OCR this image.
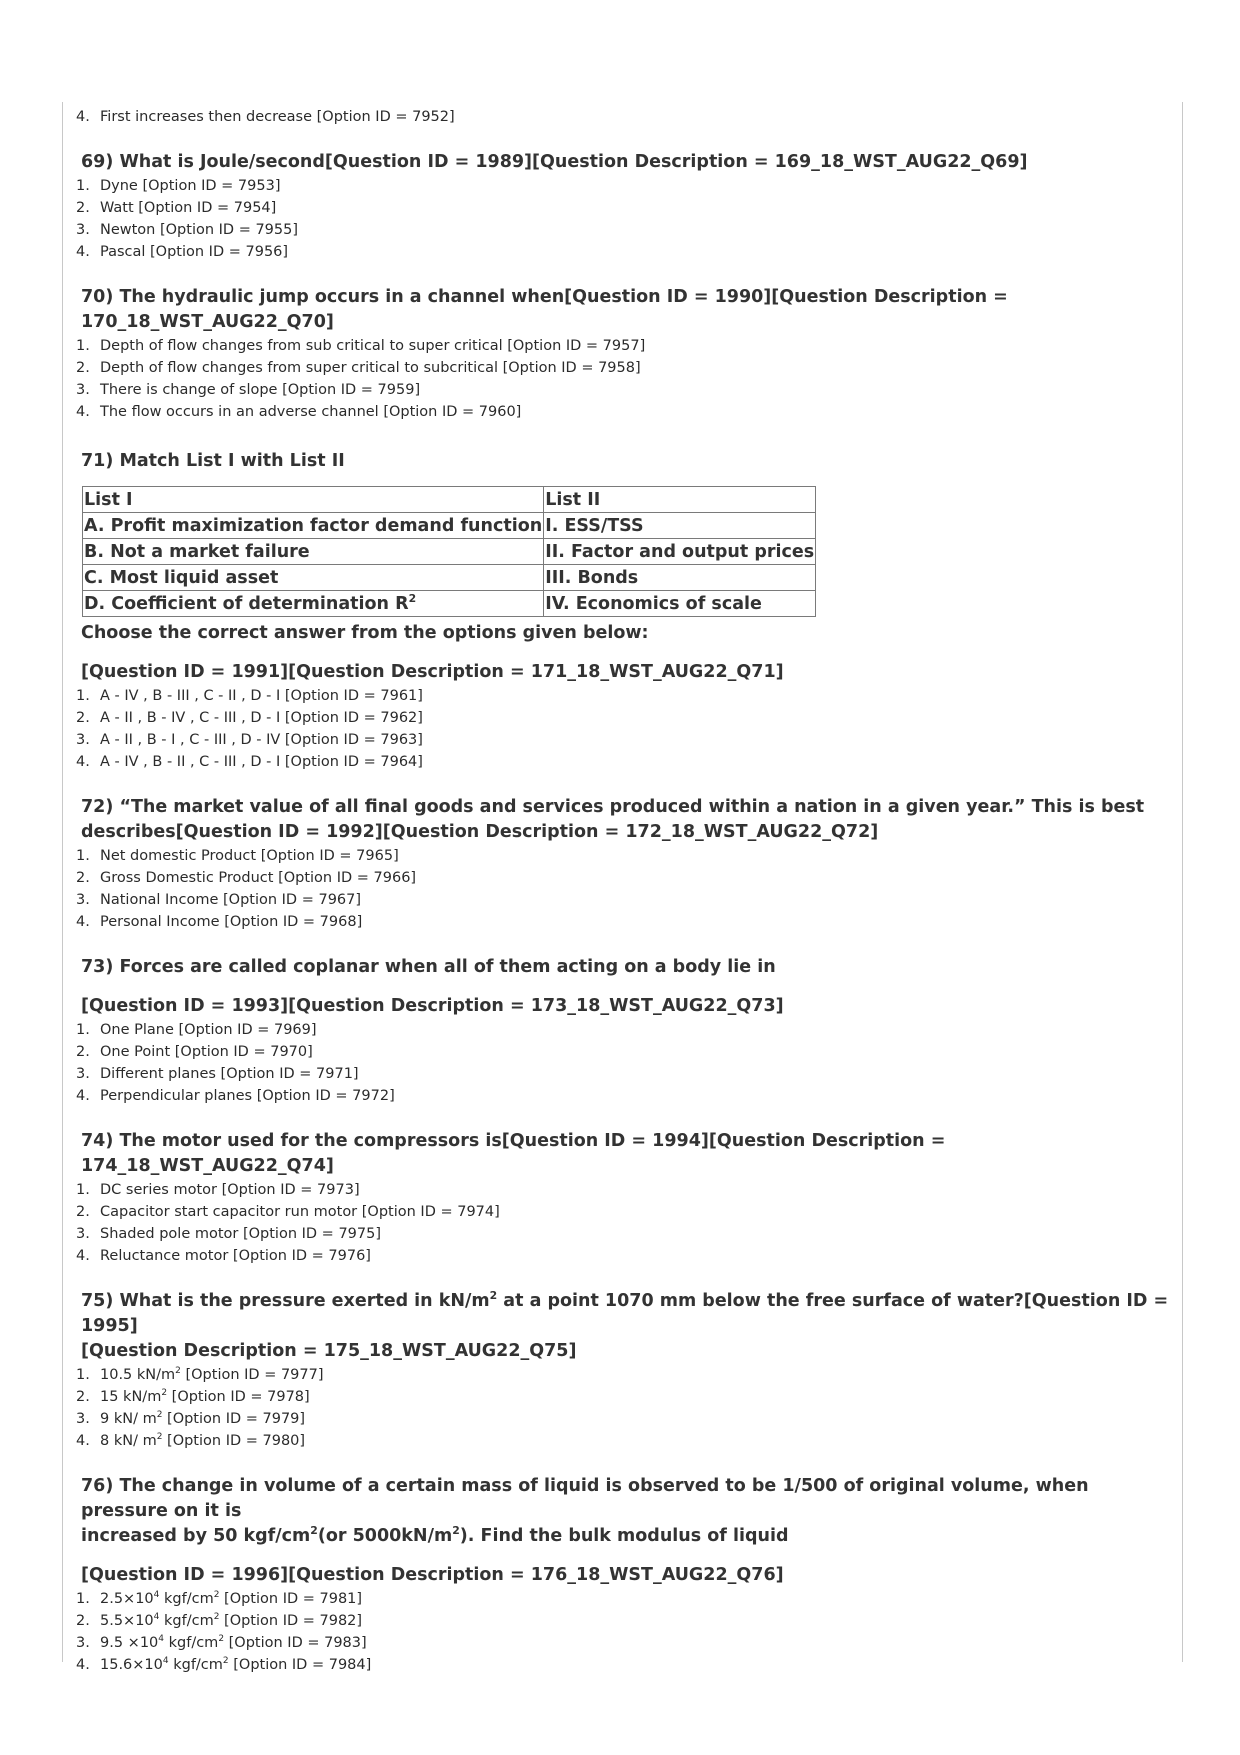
4. First increases then decrease [Option ID = 7952]

69) What is Joule/second[Question ID = 1989][Question Description = 169_18_WST_AUG22_Q69]

1. Dyne [Option ID = 7953]

2. Watt [Option ID = 7954]

3. Newton [Option ID = 7955]

4. Pascal [Option ID = 7956]

70) The hydraulic jump occurs in a channel when[Question ID = 1990][Question Description = 170_18_WST_AUG22_Q70]

1. Depth of flow changes from sub critical to super critical [Option ID = 7957]

2. Depth of flow changes from super critical to subcritical [Option ID = 7958]

3. There is change of slope [Option ID = 7959]

4. The flow occurs in an adverse channel [Option ID = 7960]

71) Match List I with List II

List I	List II
A. Profit maximization factor demand function	I. ESS/TSS
B. Not a market failure	II. Factor and output prices
C. Most liquid asset	III. Bonds
D. Coefficient of determination $R^2$	IV. Economics of scale

Choose the correct answer from the options given below:

[Question ID = 1991][Question Description = 171_18_WST_AUG22_Q71]

1. A - IV , B - III , C - II , D - I [Option ID = 7961]

2. A - II , B - IV , C - III , D - I [Option ID = 7962]

3. A - II , B - I , C - III , D - IV [Option ID = 7963]

4. A - IV , B - II , C - III , D - I [Option ID = 7964]

72) “The market value of all final goods and services produced within a nation in a given year.” This is best

describes[Question ID = 1992][Question Description = 172_18_WST_AUG22_Q72]

1. Net domestic Product [Option ID = 7965]

2. Gross Domestic Product [Option ID = 7966]

3. National Income [Option ID = 7967]

4. Personal Income [Option ID = 7968]

73) Forces are called coplanar when all of them acting on a body lie in

[Question ID = 1993][Question Description = 173_18_WST_AUG22_Q73]

1. One Plane [Option ID = 7969]

2. One Point [Option ID = 7970]

3. Different planes [Option ID = 7971]

4. Perpendicular planes [Option ID = 7972]

74) The motor used for the compressors is[Question ID = 1994][Question Description = 174_18_WST_AUG22_Q74]

1. DC series motor [Option ID = 7973]

2. Capacitor start capacitor run motor [Option ID = 7974]

3. Shaded pole motor [Option ID = 7975]

4. Reluctance motor [Option ID = 7976]

75) What is the pressure exerted in $kN/m^2$ at a point 1070 mm below the free surface of water?[Question ID = 1995]

[Question Description = 175_18_WST_AUG22_Q75]

1. 10.5 $kN/m^2$ [Option ID = 7977]

2. 15 $kN/m^2$ [Option ID = 7978]

3. 9 kN/ $m^2$ [Option ID = 7979]

4. 8 kN/ $m^2$ [Option ID = 7980]

76) The change in volume of a certain mass of liquid is observed to be 1/500 of original volume, when pressure on it is

increased by 50 kgf/$cm^2(or$ $5000kN/m^2$). Find the bulk modulus of liquid

[Question ID = 1996][Question Description = 176_18_WST_AUG22_Q76]

1. $2.5\times 10^4$ kgf/$cm^2$ [Option ID = 7981]

2. $5.5\times 10^4$ kgf/$cm^2$ [Option ID = 7982]

3. $9.5 \times 10^4$ kgf/$cm^2$ [Option ID = 7983]

4. $15.6\times 10^4$ kgf/$cm^2$ [Option ID = 7984]
